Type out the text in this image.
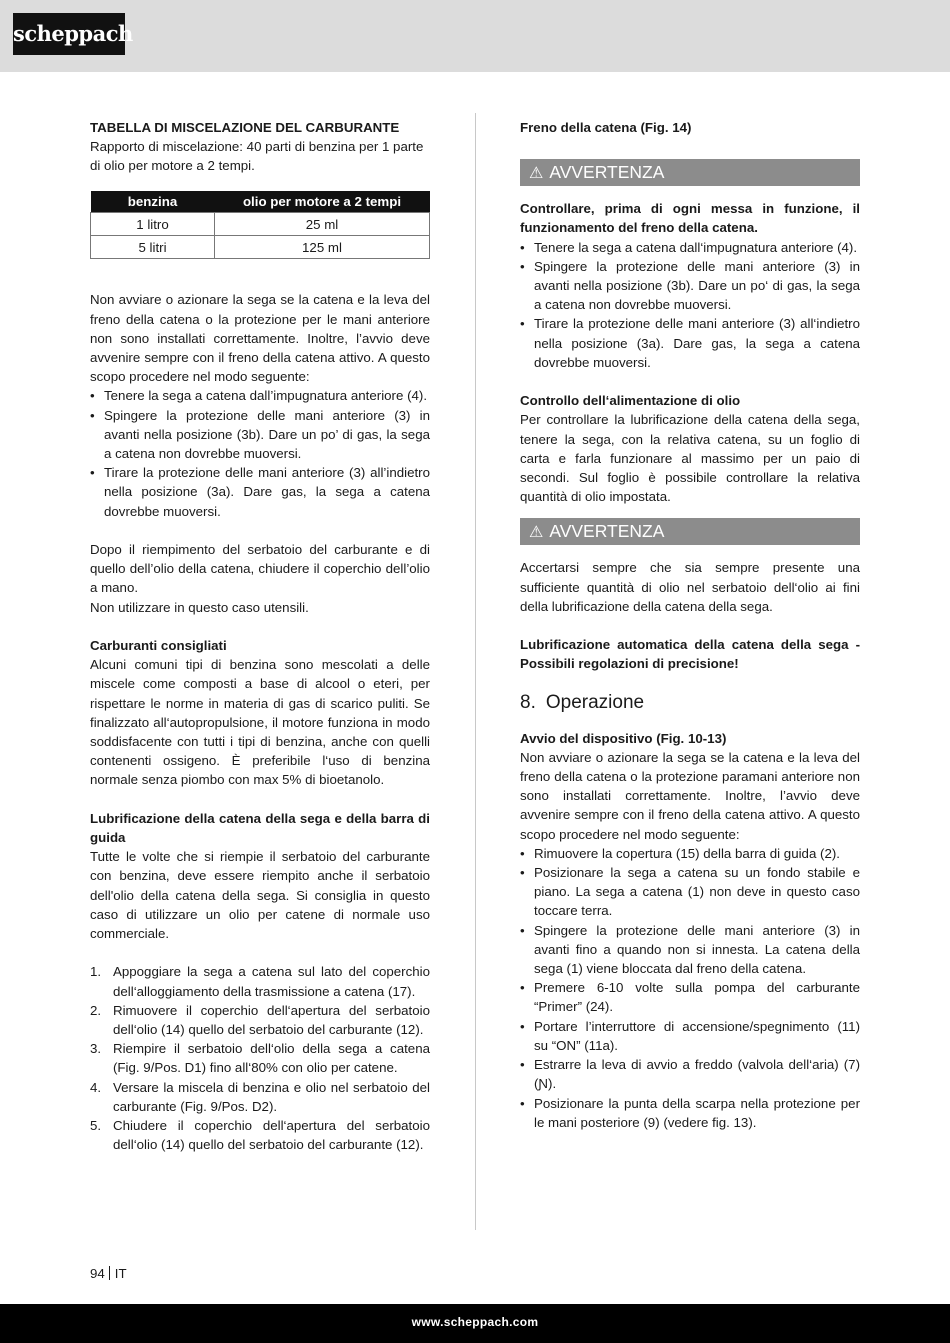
scheppach

TABELLA DI MISCELAZIONE DEL CARBURANTE

Rapporto di miscelazione: 40 parti di benzina per 1 parte di olio per motore a 2 tempi.

benzina	olio per motore a 2 tempi
1 litro	25 ml
5 litri	125 ml

Non avviare o azionare la sega se la catena e la leva del freno della catena o la protezione per le mani anteriore non sono installati correttamente. Inoltre, l’avvio deve avvenire sempre con il freno della catena attivo. A questo scopo procedere nel modo seguente:

• Tenere la sega a catena dall’impugnatura anteriore (4).
• Spingere la protezione delle mani anteriore (3) in avanti nella posizione (3b). Dare un po’ di gas, la sega a catena non dovrebbe muoversi.
• Tirare la protezione delle mani anteriore (3) all’indietro nella posizione (3a). Dare gas, la sega a catena dovrebbe muoversi.

Dopo il riempimento del serbatoio del carburante e di quello dell’olio della catena, chiudere il coperchio dell’olio a mano.

Non utilizzare in questo caso utensili.

Carburanti consigliati

Alcuni comuni tipi di benzina sono mescolati a delle miscele come composti a base di alcool o eteri, per rispettare le norme in materia di gas di scarico puliti. Se finalizzato all‘autopropulsione, il motore funziona in modo soddisfacente con tutti i tipi di benzina, anche con quelli contenenti ossigeno. È preferibile l‘uso di benzina normale senza piombo con max 5% di bioetanolo.

Lubrificazione della catena della sega e della barra di guida

Tutte le volte che si riempie il serbatoio del carburante con benzina, deve essere riempito anche il serbatoio dell'olio della catena della sega. Si consiglia in questo caso di utilizzare un olio per catene di normale uso commerciale.

1. Appoggiare la sega a catena sul lato del coperchio dell‘alloggiamento della trasmissione a catena (17).
2. Rimuovere il coperchio dell‘apertura del serbatoio dell‘olio (14) quello del serbatoio del carburante (12).
3. Riempire il serbatoio dell‘olio della sega a catena (Fig. 9/Pos. D1) fino all‘80% con olio per catene.
4. Versare la miscela di benzina e olio nel serbatoio del carburante (Fig. 9/Pos. D2).
5. Chiudere il coperchio dell‘apertura del serbatoio dell‘olio (14) quello del serbatoio del carburante (12).

Freno della catena (Fig. 14)

⚠ AVVERTENZA

Controllare, prima di ogni messa in funzione, il funzionamento del freno della catena.

• Tenere la sega a catena dall‘impugnatura anteriore (4).
• Spingere la protezione delle mani anteriore (3) in avanti nella posizione (3b). Dare un po‘ di gas, la sega a catena non dovrebbe muoversi.
• Tirare la protezione delle mani anteriore (3) all‘indietro nella posizione (3a). Dare gas, la sega a catena dovrebbe muoversi.

Controllo dell‘alimentazione di olio

Per controllare la lubrificazione della catena della sega, tenere la sega, con la relativa catena, su un foglio di carta e farla funzionare al massimo per un paio di secondi. Sul foglio è possibile controllare la relativa quantità di olio impostata.

⚠ AVVERTENZA

Accertarsi sempre che sia sempre presente una sufficiente quantità di olio nel serbatoio dell‘olio ai fini della lubrificazione della catena della sega.

Lubrificazione automatica della catena della sega - Possibili regolazioni di precisione!

8. Operazione

Avvio del dispositivo (Fig. 10-13)

Non avviare o azionare la sega se la catena e la leva del freno della catena o la protezione paramani anteriore non sono installati correttamente. Inoltre, l’avvio deve avvenire sempre con il freno della catena attivo. A questo scopo procedere nel modo seguente:

• Rimuovere la copertura (15) della barra di guida (2).
• Posizionare la sega a catena su un fondo stabile e piano. La sega a catena (1) non deve in questo caso toccare terra.
• Spingere la protezione delle mani anteriore (3) in avanti fino a quando non si innesta. La catena della sega (1) viene bloccata dal freno della catena.
• Premere 6-10 volte sulla pompa del carburante “Primer” (24).
• Portare l’interruttore di accensione/spegnimento (11) su “ON” (11a).
• Estrarre la leva di avvio a freddo (valvola dell‘aria) (7) (Ɲ).
• Posizionare la punta della scarpa nella protezione per le mani posteriore (9) (vedere fig. 13).
94 IT
www.scheppach.com
